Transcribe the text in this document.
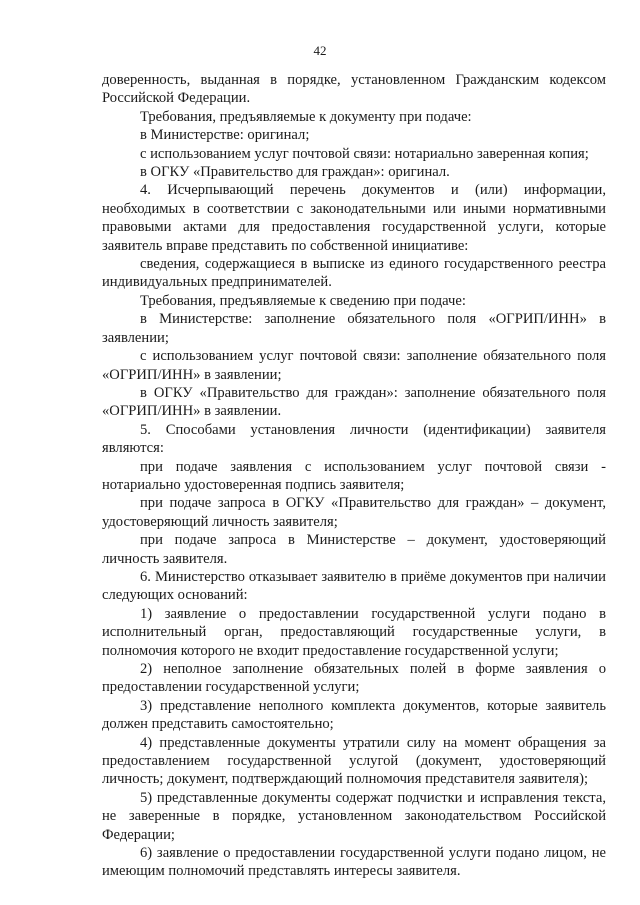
42

доверенность, выданная в порядке, установленном Гражданским кодексом Российской Федерации.

Требования, предъявляемые к документу при подаче:

в Министерстве: оригинал;

с использованием услуг почтовой связи: нотариально заверенная копия;

в ОГКУ «Правительство для граждан»: оригинал.

4. Исчерпывающий перечень документов и (или) информации, необходимых в соответствии с законодательными или иными нормативными правовыми актами для предоставления государственной услуги, которые заявитель вправе представить по собственной инициативе:

сведения, содержащиеся в выписке из единого государственного реестра индивидуальных предпринимателей.

Требования, предъявляемые к сведению при подаче:

в Министерстве: заполнение обязательного поля «ОГРИП/ИНН» в заявлении;

с использованием услуг почтовой связи: заполнение обязательного поля «ОГРИП/ИНН» в заявлении;

в ОГКУ «Правительство для граждан»: заполнение обязательного поля «ОГРИП/ИНН» в заявлении.

5. Способами установления личности (идентификации) заявителя являются:

при подаче заявления с использованием услуг почтовой связи - нотариально удостоверенная подпись заявителя;

при подаче запроса в ОГКУ «Правительство для граждан» – документ, удостоверяющий личность заявителя;

при подаче запроса в Министерстве – документ, удостоверяющий личность заявителя.

6. Министерство отказывает заявителю в приёме документов при наличии следующих оснований:

1) заявление о предоставлении государственной услуги подано в исполнительный орган, предоставляющий государственные услуги, в полномочия которого не входит предоставление государственной услуги;

2) неполное заполнение обязательных полей в форме заявления о предоставлении государственной услуги;

3) представление неполного комплекта документов, которые заявитель должен представить самостоятельно;

4) представленные документы утратили силу на момент обращения за предоставлением государственной услугой (документ, удостоверяющий личность; документ, подтверждающий полномочия представителя заявителя);

5) представленные документы содержат подчистки и исправления текста, не заверенные в порядке, установленном законодательством Российской Федерации;

6) заявление о предоставлении государственной услуги подано лицом, не имеющим полномочий представлять интересы заявителя.
